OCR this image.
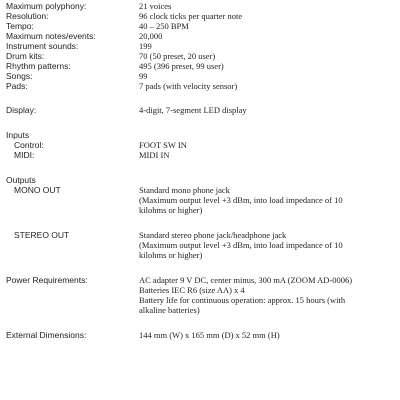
Maximum polyphony:	21 voices
Resolution:	96 clock ticks per quarter note
Tempo:	40 – 250 BPM
Maximum notes/events:	20,000
Instrument sounds:	199
Drum kits:	70 (50 preset, 20 user)
Rhythm patterns:	495 (396 preset, 99 user)
Songs:	99
Pads:	7 pads (with velocity sensor)
Display:	4-digit, 7-segment LED display
Inputs
Control:	FOOT SW IN
MIDI:	MIDI IN
Outputs
MONO OUT	Standard mono phone jack
(Maximum output level +3 dBm, into load impedance of 10
kilohms or higher)
STEREO OUT	Standard stereo phone jack/headphone jack
(Maximum output level +3 dBm, into load impedance of 10
kilohms or higher)
Power Requirements:	AC adapter 9 V DC, center minus, 300 mA (ZOOM AD-0006)
Batteries IEC R6 (size AA) x 4
Battery life for continuous operation: approx. 15 hours (with
alkaline batteries)
External Dimensions:	144 mm (W) x 165 mm (D) x 52 mm (H)
